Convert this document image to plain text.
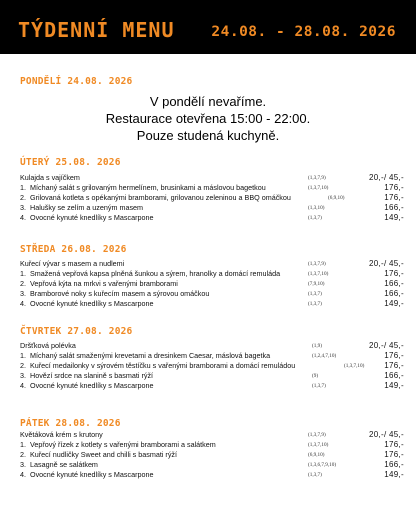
TÝDENNÍ MENU	24.08. - 28.08. 2026
PONDĚLÍ 24.08. 2026
V pondělí nevaříme.
Restaurace otevřena 15:00 - 22:00.
Pouze studená kuchyně.
ÚTERÝ 25.08. 2026
Kulajda s vajíčkem	(1,3,7,9)	20,-/ 45,-
1. Míchaný salát s grilovaným hermelínem, brusinkami a máslovou bagetkou	(1,3,7,10)	176,-
2. Grilovaná kotleta s opékanými bramborami, grilovanou zeleninou a BBQ omáčkou	(6,9,10)	176,-
3. Halušky se zelím a uzeným masem	(1,3,10)	166,-
4. Ovocné kynuté knedlíky s Mascarpone	(1,3,7)	149,-
STŘEDA 26.08. 2026
Kuřecí vývar s masem a nudlemi	(1,3,7,9)	20,-/ 45,-
1. Smažená vepřová kapsa plněná šunkou a sýrem, hranolky a domácí remuláda	(1,3,7,10)	176,-
2. Vepřová kýta na mrkvi s vařenými bramborami	(7,9,10)	166,-
3. Bramborové noky s kuřecím masem a sýrovou omáčkou	(1,3,7)	166,-
4. Ovocné kynuté knedlíky s Mascarpone	(1,3,7)	149,-
ČTVRTEK 27.08. 2026
Dršťková polévka	(1,9)	20,-/ 45,-
1. Míchaný salát smaženými krevetami a dresinkem Caesar, máslová bagetka	(1,2,4,7,10)	176,-
2. Kuřecí medailonky v sýrovém těstíčku s vařenými bramborami a domácí remuládou	(1,3,7,10) 176,-
3. Hovězí srdce na slanině s basmati rýží	(9)	166,-
4. Ovocné kynuté knedlíky s Mascarpone	(1,3,7)	149,-
PÁTEK 28.08. 2026
Květáková krém s krutony	(1,3,7,9)	20,-/ 45,-
1. Vepřový řízek z kotlety s vařenými bramborami a salátkem	(1,3,7,10)	176,-
2. Kuřecí nudličky Sweet and chilli s basmati rýží	(6,9,10)	176,-
3. Lasagně se salátkem	(1,3,6,7,9,10)	166,-
4. Ovocné kynuté knedlíky s Mascarpone	(1,3,7)	149,-
